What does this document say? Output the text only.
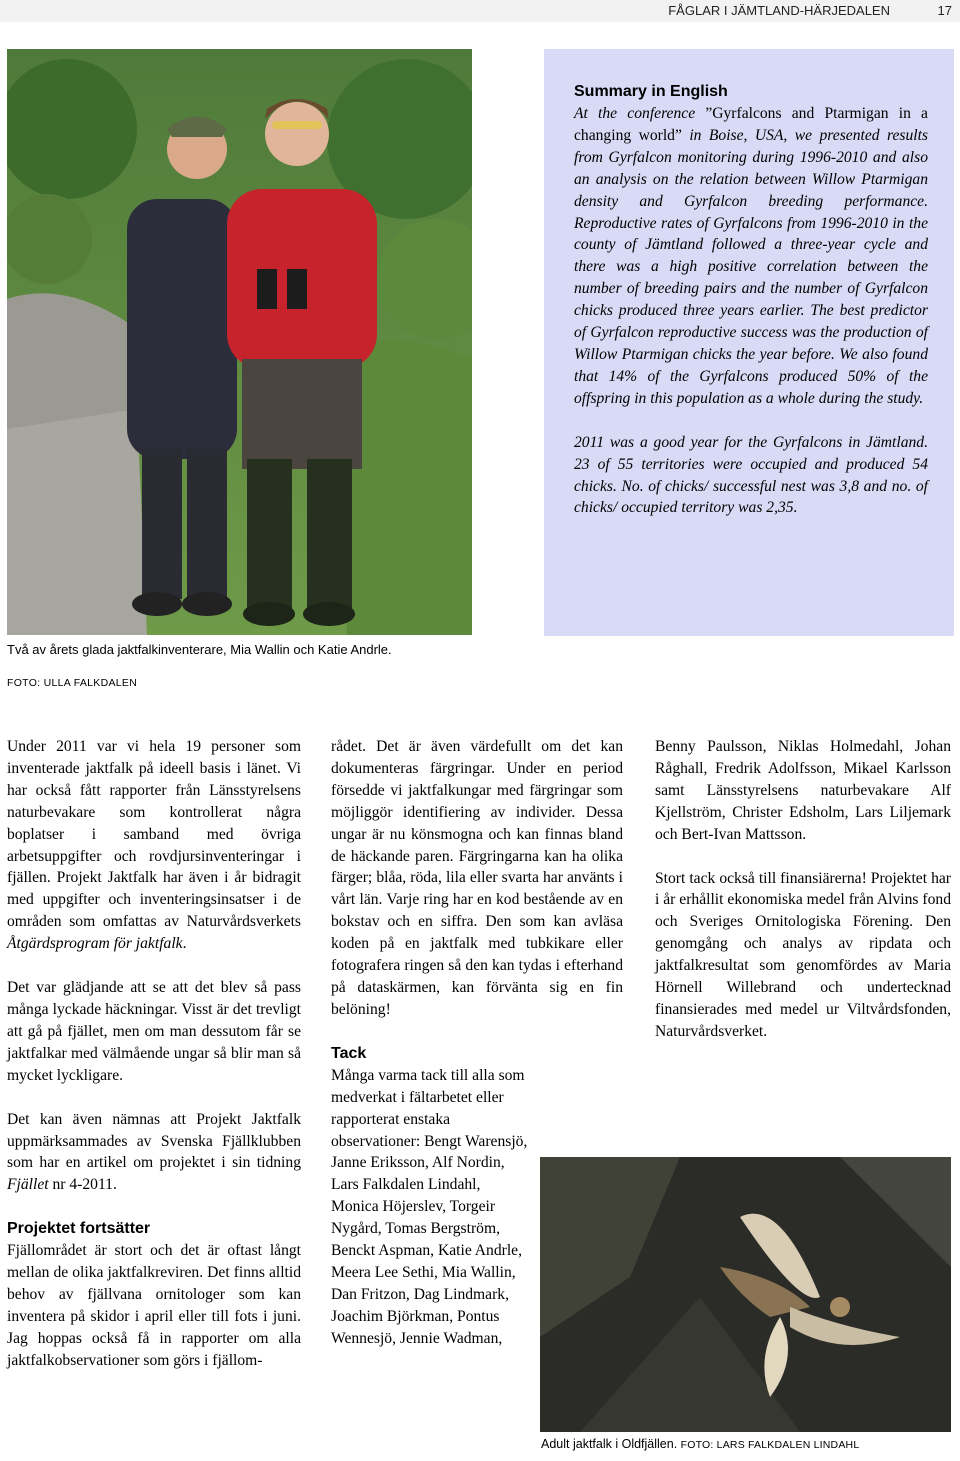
FÅGLAR I JÄMTLAND-HÄRJEDALEN	17
Två av årets glada jaktfalkinventerare, Mia Wallin och Katie Andrle.
FOTO: ULLA FALKDALEN
Summary in English

At the conference ”Gyrfalcons and Ptarmigan in a changing world” in Boise, USA, we presented results from Gyrfalcon monitoring during 1996-2010 and also an analysis on the relation between Willow Ptarmigan density and Gyrfalcon breeding performance. Reproductive rates of Gyrfalcons from 1996-2010 in the county of Jämtland followed a three-year cycle and there was a high positive correlation between the number of breeding pairs and the number of Gyrfalcon chicks produced three years earlier. The best predictor of Gyrfalcon reproductive success was the production of Willow Ptarmigan chicks the year before. We also found that 14% of the Gyrfalcons produced 50% of the offspring in this population as a whole during the study.

2011 was a good year for the Gyrfalcons in Jämtland. 23 of 55 territories were occupied and produced 54 chicks. No. of chicks/ successful nest was 3,8 and no. of chicks/ occupied territory was 2,35.

Under 2011 var vi hela 19 personer som inventerade jaktfalk på ideell basis i länet. Vi har också fått rapporter från Länsstyrelsens naturbevakare som kontrollerat några boplatser i samband med övriga arbetsuppgifter och rovdjursinventeringar i fjällen. Projekt Jaktfalk har även i år bidragit med uppgifter och inventeringsinsatser i de områden som omfattas av Naturvårdsverkets Åtgärdsprogram för jaktfalk.

Det var glädjande att se att det blev så pass många lyckade häckningar. Visst är det trevligt att gå på fjället, men om man dessutom får se jaktfalkar med välmående ungar så blir man så mycket lyckligare.

Det kan även nämnas att Projekt Jaktfalk uppmärksammades av Svenska Fjällklubben som har en artikel om projektet i sin tidning Fjället nr 4-2011.

Projektet fortsätter

Fjällområdet är stort och det är oftast långt mellan de olika jaktfalkreviren. Det finns alltid behov av fjällvana ornitologer som kan inventera på skidor i april eller till fots i juni. Jag hoppas också få in rapporter om alla jaktfalkobservationer som görs i fjällom-

rådet. Det är även värdefullt om det kan dokumenteras färgringar. Under en period försedde vi jaktfalkungar med färgringar som möjliggör identifiering av individer. Dessa ungar är nu könsmogna och kan finnas bland de häckande paren. Färgringarna kan ha olika färger; blåa, röda, lila eller svarta har använts i vårt län. Varje ring har en kod bestående av en bokstav och en siffra. Den som kan avläsa koden på en jaktfalk med tubkikare eller fotografera ringen så den kan tydas i efterhand på dataskärmen, kan förvänta sig en fin belöning!

Tack

Många varma tack till alla som medverkat i fältarbetet eller rapporterat enstaka observationer: Bengt Warensjö, Janne Eriksson, Alf Nordin, Lars Falkdalen Lindahl, Monica Höjerslev, Torgeir Nygård, Tomas Bergström, Benckt Aspman, Katie Andrle, Meera Lee Sethi, Mia Wallin, Dan Fritzon, Dag Lindmark, Joachim Björkman, Pontus Wennesjö, Jennie Wadman,

Benny Paulsson, Niklas Holmedahl, Johan Råghall, Fredrik Adolfsson, Mikael Karlsson samt Länsstyrelsens naturbevakare Alf Kjellström, Christer Edsholm, Lars Liljemark och Bert-Ivan Mattsson.

Stort tack också till finansiärerna! Projektet har i år erhållit ekonomiska medel från Alvins fond och Sveriges Ornitologiska Förening. Den genomgång och analys av ripdata och jaktfalkresultat som genomfördes av Maria Hörnell Willebrand och undertecknad finansierades med medel ur Viltvårdsfonden, Naturvårdsverket.

Adult jaktfalk i Oldfjällen. FOTO: LARS FALKDALEN LINDAHL
